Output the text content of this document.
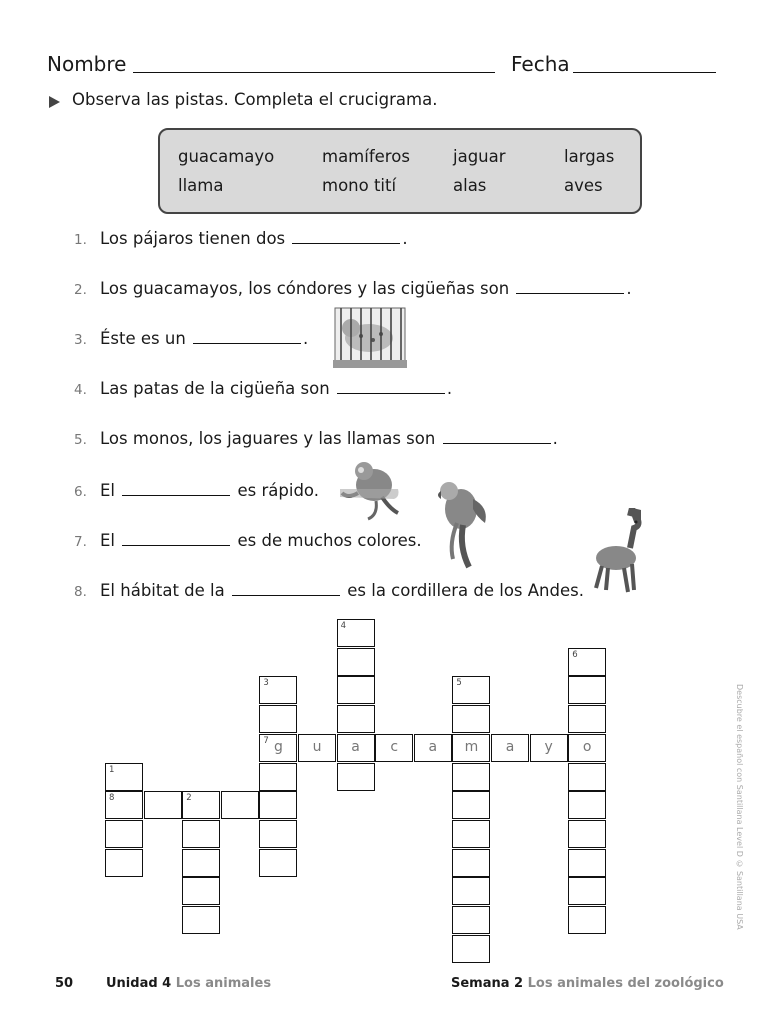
Nombre	Fecha
Observa las pistas. Completa el crucigrama.
guacamayo	mamíferos	jaguar	largas
llama	mono tití	alas	aves
1. Los pájaros tienen dos	.
2. Los guacamayos, los cóndores y las cigüeñas son	.
3. Éste es un	.
4. Las patas de la cigüeña son	.
5. Los monos, los jaguares y las llamas son	.
6. El	es rápido.
7. El	es de muchos colores.
8. El hábitat de la	es la cordillera de los Andes.
4
a
6
o
3
7 g
5
m
u	c	a	a	y
1
8	2	Descubre el español con Santillana Level D © Santillana USA
50	Unidad 4 Los animales	Semana 2 Los animales del zoológico
